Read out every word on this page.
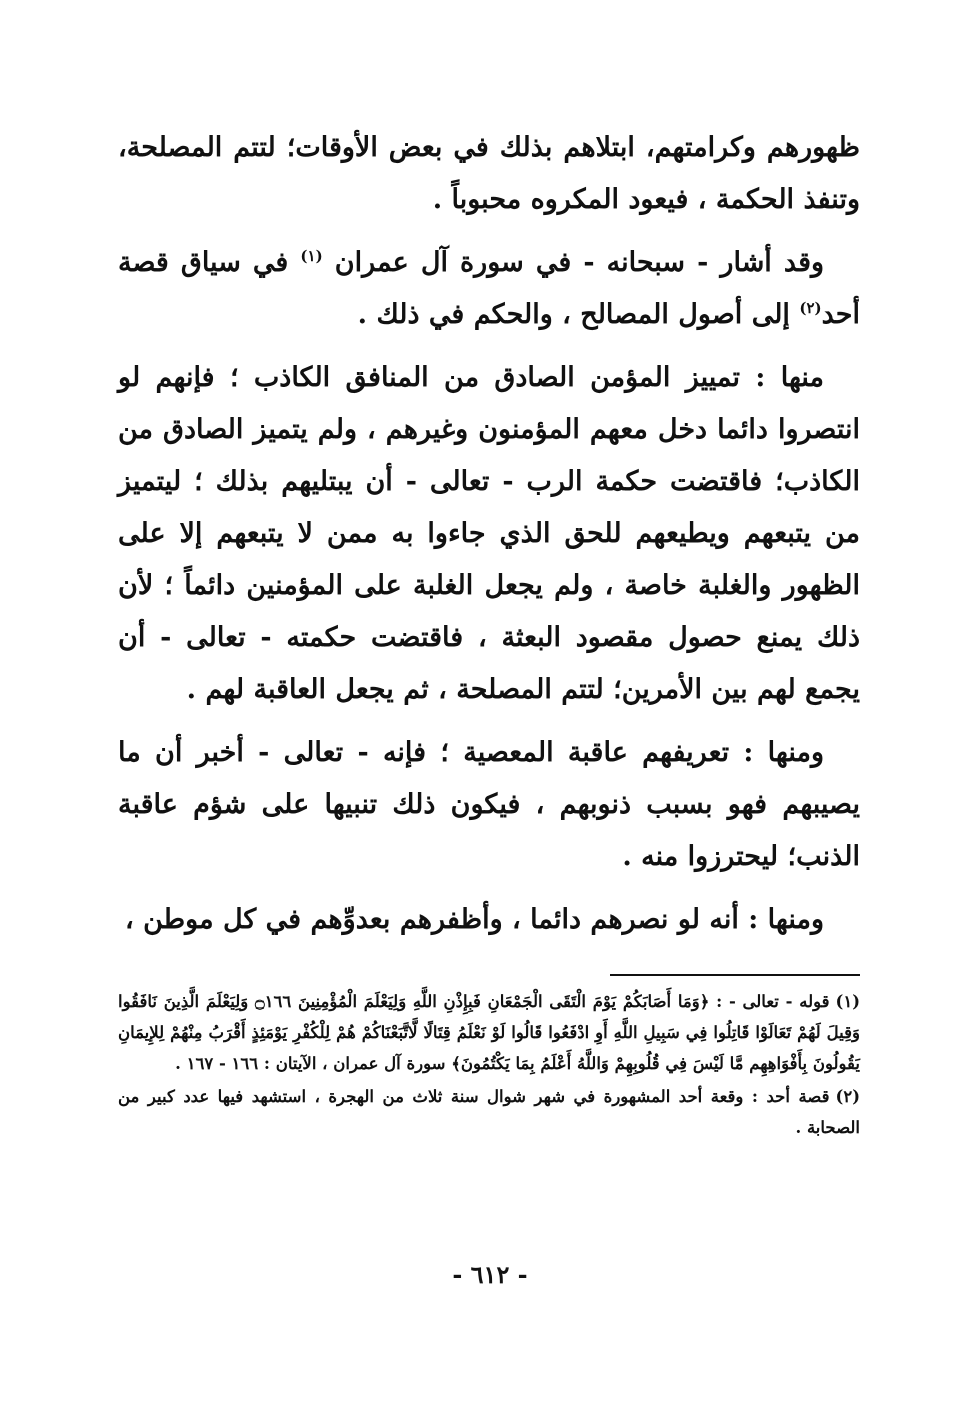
ظهورهم وكرامتهم، ابتلاهم بذلك في بعض الأوقات؛ لتتم المصلحة، وتنفذ الحكمة ، فيعود المكروه محبوباً .

وقد أشار - سبحانه - في سورة آل عمران $^{(١)}$ في سياق قصة أحد$^{(٢)}$ إلى أصول المصالح ، والحكم في ذلك .

منها : تمييز المؤمن الصادق من المنافق الكاذب ؛ فإنهم لو انتصروا دائما دخل معهم المؤمنون وغيرهم ، ولم يتميز الصادق من الكاذب؛ فاقتضت حكمة الرب - تعالى - أن يبتليهم بذلك ؛ ليتميز من يتبعهم ويطيعهم للحق الذي جاءوا به ممن لا يتبعهم إلا على الظهور والغلبة خاصة ، ولم يجعل الغلبة على المؤمنين دائماً ؛ لأن ذلك يمنع حصول مقصود البعثة ، فاقتضت حكمته - تعالى - أن يجمع لهم بين الأمرين؛ لتتم المصلحة ، ثم يجعل العاقبة لهم .

ومنها : تعريفهم عاقبة المعصية ؛ فإنه - تعالى - أخبر أن ما يصيبهم فهو بسبب ذنوبهم ، فيكون ذلك تنبيها على شؤم عاقبة الذنب؛ ليحترزوا منه .

ومنها : أنه لو نصرهم دائما ، وأظفرهم بعدوِّهم في كل موطن ،

(١)قوله - تعالى - : ﴿وَمَا أَصَابَكُمْ يَوْمَ الْتَقَى الْجَمْعَانِ فَبِإِذْنِ اللَّهِ وَلِيَعْلَمَ الْمُؤْمِنِينَ ۝١٦٦ وَلِيَعْلَمَ الَّذِينَ نَافَقُوا وَقِيلَ لَهُمْ تَعَالَوْا قَاتِلُوا فِي سَبِيلِ اللَّهِ أَوِ ادْفَعُوا قَالُوا لَوْ نَعْلَمُ قِتَالًا لَّاتَّبَعْنَاكُمْ هُمْ لِلْكُفْرِ يَوْمَئِذٍ أَقْرَبُ مِنْهُمْ لِلإِيمَانِ يَقُولُونَ بِأَفْوَاهِهِم مَّا لَيْسَ فِي قُلُوبِهِمْ وَاللَّهُ أَعْلَمُ بِمَا يَكْتُمُونَ﴾ سورة آل عمران ، الآيتان : ١٦٦ - ١٦٧ .

(٢)قصة أحد : وقعة أحد المشهورة في شهر شوال سنة ثلاث من الهجرة ، استشهد فيها عدد كبير من الصحابة .

- ٦١٢ -
